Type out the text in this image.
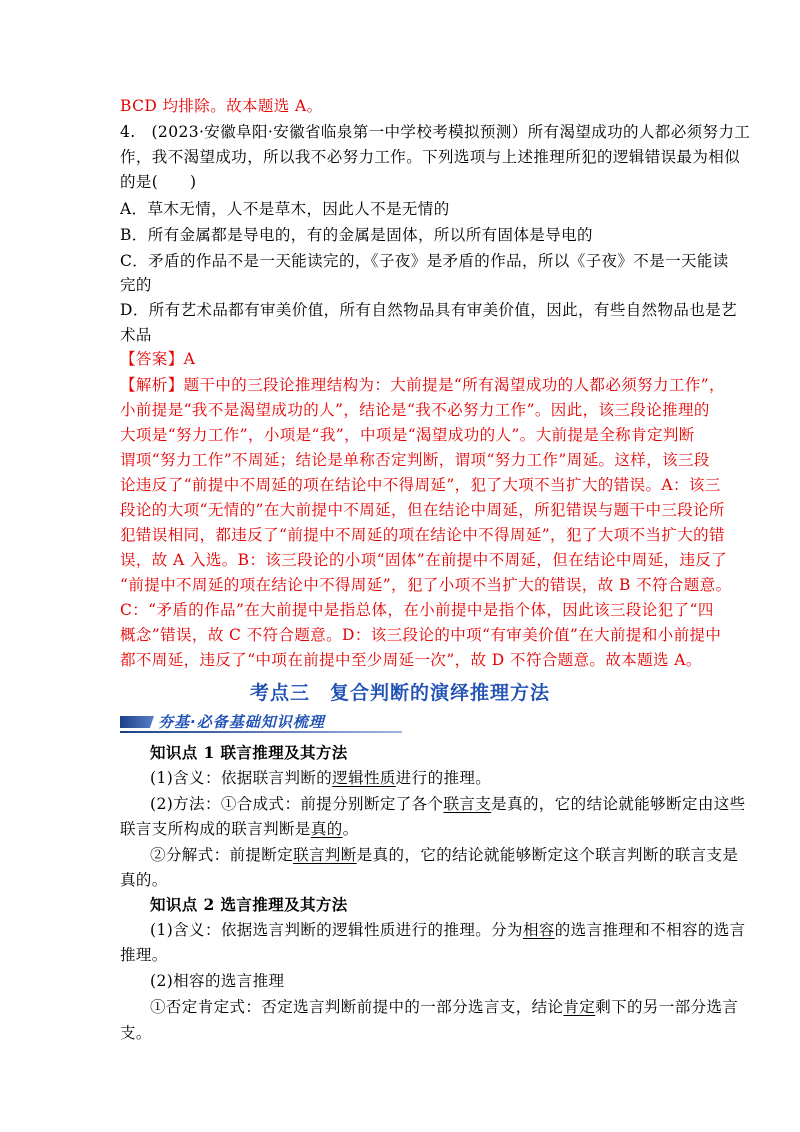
BCD 均排除。故本题选 A。
4.　(2023·安徽阜阳·安徽省临泉第一中学校考模拟预测）所有渴望成功的人都必须努力工
作，我不渴望成功，所以我不必努力工作。下列选项与上述推理所犯的逻辑错误最为相似
的是(　　)
A．草木无情，人不是草木，因此人不是无情的
B．所有金属都是导电的，有的金属是固体，所以所有固体是导电的
C．矛盾的作品不是一天能读完的，《子夜》是矛盾的作品，所以《子夜》不是一天能读
完的
D．所有艺术品都有审美价值，所有自然物品具有审美价值，因此，有些自然物品也是艺
术品
【答案】A
【解析】题干中的三段论推理结构为：大前提是“所有渴望成功的人都必须努力工作”，
小前提是“我不是渴望成功的人”，结论是“我不必努力工作”。因此，该三段论推理的
大项是“努力工作”，小项是“我”，中项是“渴望成功的人”。大前提是全称肯定判断
谓项“努力工作”不周延；结论是单称否定判断，谓项“努力工作”周延。这样，该三段
论违反了“前提中不周延的项在结论中不得周延”，犯了大项不当扩大的错误。A：该三
段论的大项“无情的”在大前提中不周延，但在结论中周延，所犯错误与题干中三段论所
犯错误相同，都违反了“前提中不周延的项在结论中不得周延”，犯了大项不当扩大的错
误，故 A 入选。B：该三段论的小项“固体”在前提中不周延，但在结论中周延，违反了
“前提中不周延的项在结论中不得周延”，犯了小项不当扩大的错误，故 B 不符合题意。
C：“矛盾的作品”在大前提中是指总体，在小前提中是指个体，因此该三段论犯了“四
概念”错误，故 C 不符合题意。D：该三段论的中项“有审美价值”在大前提和小前提中
都不周延，违反了“中项在前提中至少周延一次”，故 D 不符合题意。故本题选 A。
考点三　复合判断的演绎推理方法
夯基·必备基础知识梳理
知识点 1 联言推理及其方法
(1)含义：依据联言判断的逻辑性质进行的推理。
(2)方法：①合成式：前提分别断定了各个联言支是真的，它的结论就能够断定由这些
联言支所构成的联言判断是真的。
②分解式：前提断定联言判断是真的，它的结论就能够断定这个联言判断的联言支是
真的。
知识点 2 选言推理及其方法
(1)含义：依据选言判断的逻辑性质进行的推理。分为相容的选言推理和不相容的选言
推理。
(2)相容的选言推理
①否定肯定式：否定选言判断前提中的一部分选言支，结论肯定剩下的另一部分选言
支。
